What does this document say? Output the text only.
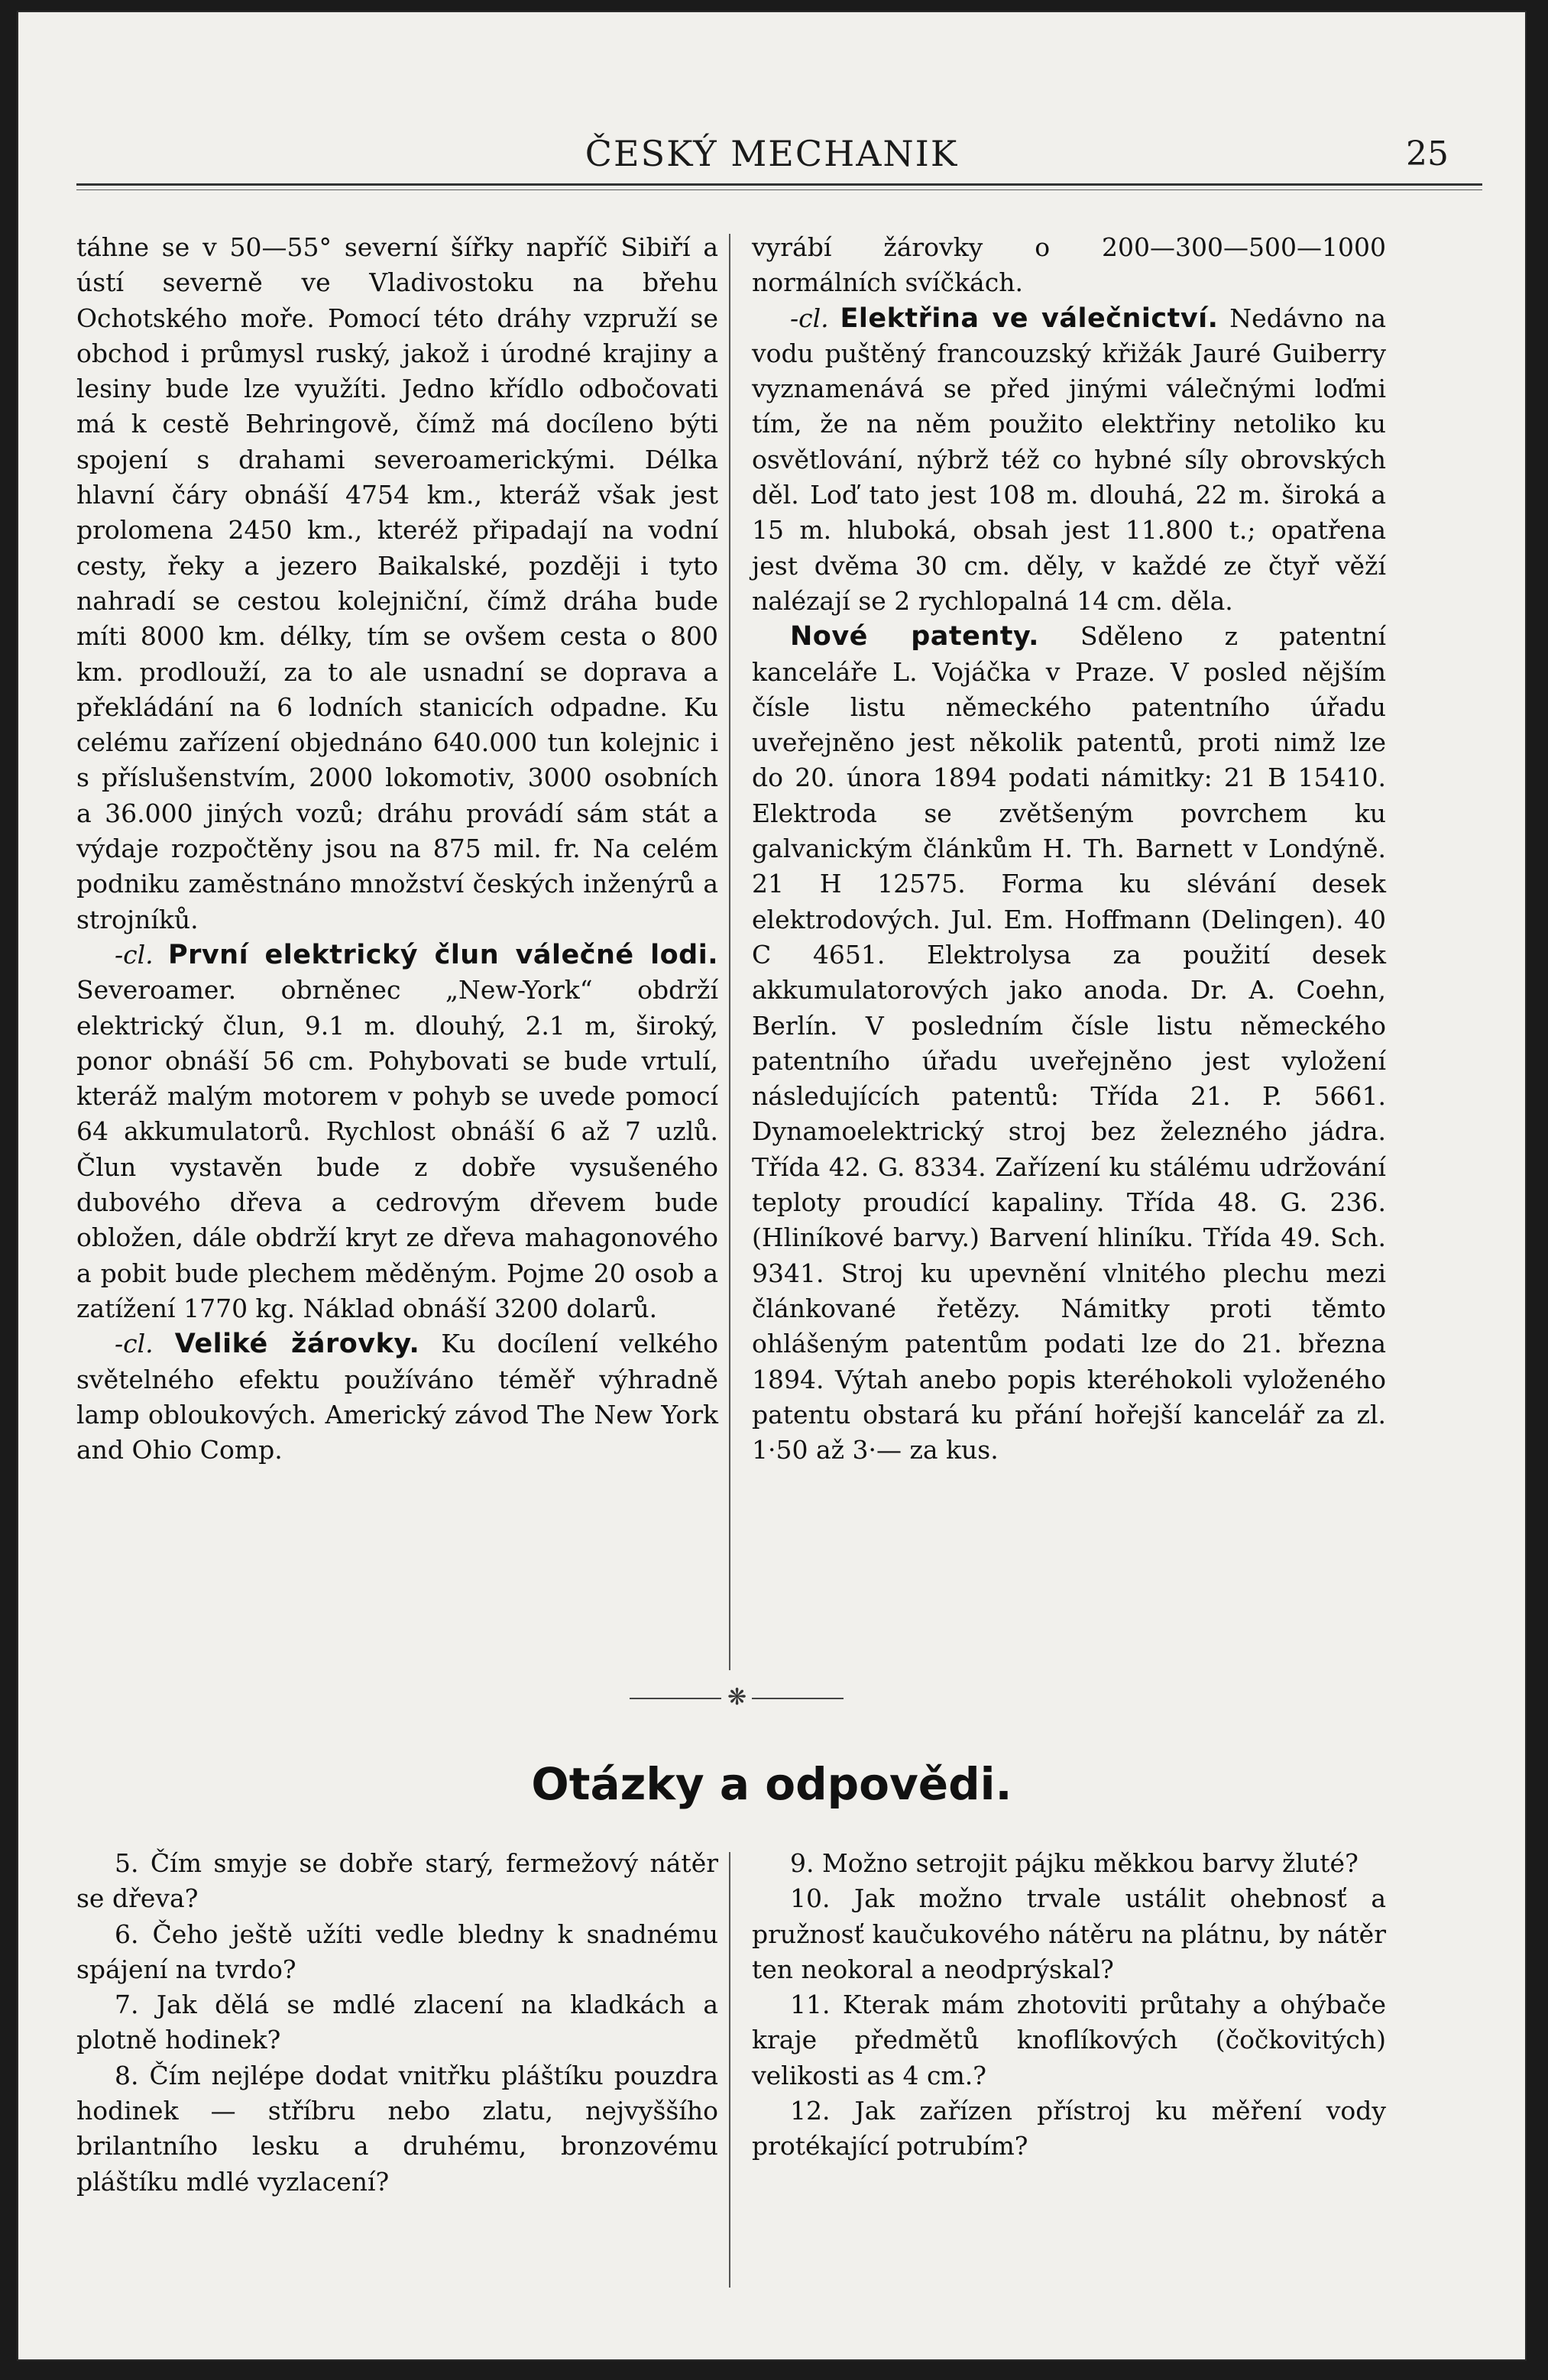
ČESKÝ MECHANIK	25

táhne se v 50—55° severní šířky napříč Sibiří a ústí severně ve Vladivostoku na břehu Ochotského moře. Pomocí této dráhy vzpruží se obchod i průmysl ruský, jakož i úrodné krajiny a lesiny bude lze využíti. Jedno křídlo odbočovati má k cestě Behringově, čímž má docíleno býti spojení s drahami severoamerickými. Délka hlavní čáry obnáší 4754 km., kteráž však jest prolomena 2450 km., kteréž připadají na vodní cesty, řeky a jezero Baikalské, později i tyto nahradí se cestou kolejniční, čímž dráha bude míti 8000 km. délky, tím se ovšem cesta o 800 km. prodlouží, za to ale usnadní se doprava a překládání na 6 lodních stanicích odpadne. Ku celému zařízení objednáno 640.000 tun kolejnic i s příslušenstvím, 2000 lokomotiv, 3000 osobních a 36.000 jiných vozů; dráhu provádí sám stát a výdaje rozpočtěny jsou na 875 mil. fr. Na celém podniku zaměstnáno množství českých inženýrů a strojníků.

-cl. První elektrický člun válečné lodi. Severoamer. obrněnec „New-York“ obdrží elektrický člun, 9.1 m. dlouhý, 2.1 m, široký, ponor obnáší 56 cm. Pohybovati se bude vrtulí, kteráž malým motorem v pohyb se uvede pomocí 64 akkumulatorů. Rychlost obnáší 6 až 7 uzlů. Člun vystavěn bude z dobře vysušeného dubového dřeva a cedrovým dřevem bude obložen, dále obdrží kryt ze dřeva mahagonového a pobit bude plechem měděným. Pojme 20 osob a zatížení 1770 kg. Náklad obnáší 3200 dolarů.

-cl. Veliké žárovky. Ku docílení velkého světelného efektu používáno téměř výhradně lamp obloukových. Americký závod The New York and Ohio Comp.

vyrábí žárovky o 200—300—500—1000 normálních svíčkách.

-cl. Elektřina ve válečnictví. Nedávno na vodu puštěný francouzský křižák Jauré Guiberry vyznamenává se před jinými válečnými loďmi tím, že na něm použito elektřiny netoliko ku osvětlování, nýbrž též co hybné síly obrovských děl. Loď tato jest 108 m. dlouhá, 22 m. široká a 15 m. hluboká, obsah jest 11.800 t.; opatřena jest dvěma 30 cm. děly, v každé ze čtyř věží nalézají se 2 rychlopalná 14 cm. děla.

Nové patenty. Sděleno z patentní kanceláře L. Vojáčka v Praze. V posled nějším čísle listu německého patentního úřadu uveřejněno jest několik patentů, proti nimž lze do 20. února 1894 podati námitky: 21 B 15410. Elektroda se zvětšeným povrchem ku galvanickým článkům H. Th. Barnett v Londýně. 21 H 12575. Forma ku slévání desek elektrodových. Jul. Em. Hoffmann (Delingen). 40 C 4651. Elektrolysa za použití desek akkumulatorových jako anoda. Dr. A. Coehn, Berlín. V posledním čísle listu německého patentního úřadu uveřejněno jest vyložení následujících patentů: Třída 21. P. 5661. Dynamoelektrický stroj bez železného jádra. Třída 42. G. 8334. Zařízení ku stálému udržování teploty proudící kapaliny. Třída 48. G. 236. (Hliníkové barvy.) Barvení hliníku. Třída 49. Sch. 9341. Stroj ku upevnění vlnitého plechu mezi článkované řetězy. Námitky proti těmto ohlášeným patentům podati lze do 21. března 1894. Výtah anebo popis kteréhokoli vyloženého patentu obstará ku přání hořejší kancelář za zl. 1·50 až 3·— za kus.

❋
Otázky a odpovědi.

5. Čím smyje se dobře starý, fermežový nátěr se dřeva?

6. Čeho ještě užíti vedle bledny k snadnému spájení na tvrdo?

7. Jak dělá se mdlé zlacení na kladkách a plotně hodinek?

8. Čím nejlépe dodat vnitřku pláštíku pouzdra hodinek — stříbru nebo zlatu, nejvyššího brilantního lesku a druhému, bronzovému pláštíku mdlé vyzlacení?

9. Možno setrojit pájku měkkou barvy žluté?

10. Jak možno trvale ustálit ohebnosť a pružnosť kaučukového nátěru na plátnu, by nátěr ten neokoral a neodprýskal?

11. Kterak mám zhotoviti průtahy a ohýbače kraje předmětů knoflíkových (čočkovitých) velikosti as 4 cm.?

12. Jak zařízen přístroj ku měření vody protékající potrubím?
